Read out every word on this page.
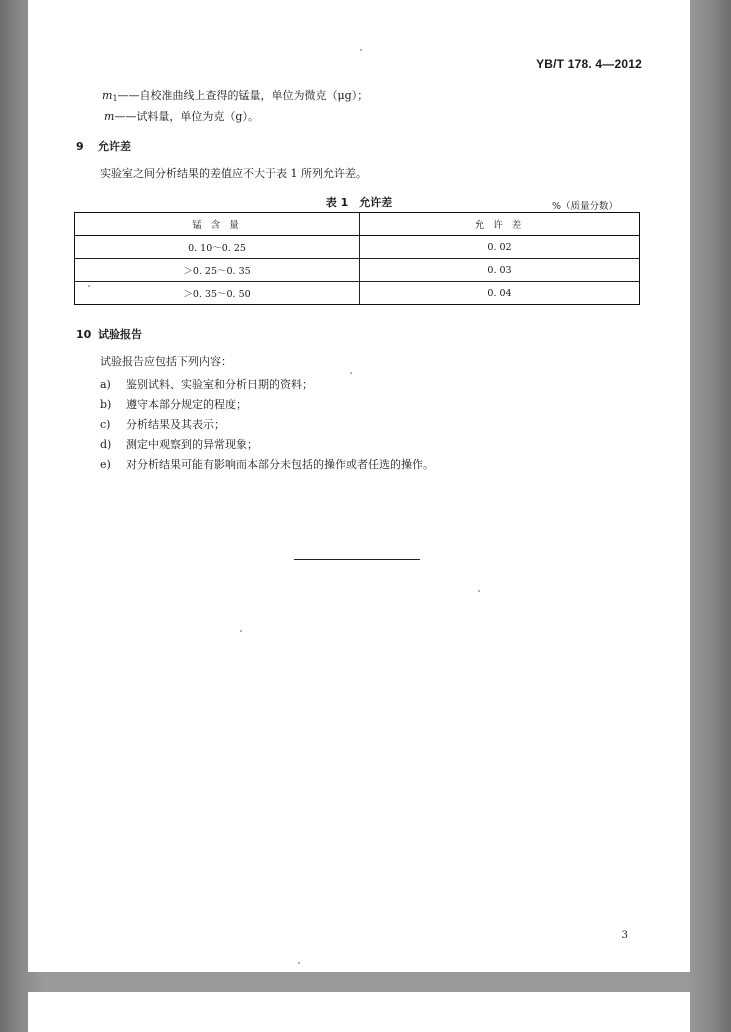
YB/T 178. 4—2012
$m_1——$自校准曲线上查得的锰量，单位为微克（μg）；
m——试料量，单位为克（g）。
9 允许差
实验室之间分析结果的差值应不大于表 1 所列允许差。
表 1　允许差	%（质量分数）
锰 含 量	允 许 差
0. 10～0. 25	0. 02
＞0. 25～0. 35	0. 03
＞0. 35～0. 50	0. 04
10 试验报告
试验报告应包括下列内容：
a) 鉴别试料、实验室和分析日期的资料；
b) 遵守本部分规定的程度；
c) 分析结果及其表示；
d) 测定中观察到的异常现象；
e) 对分析结果可能有影响而本部分未包括的操作或者任选的操作。
3
